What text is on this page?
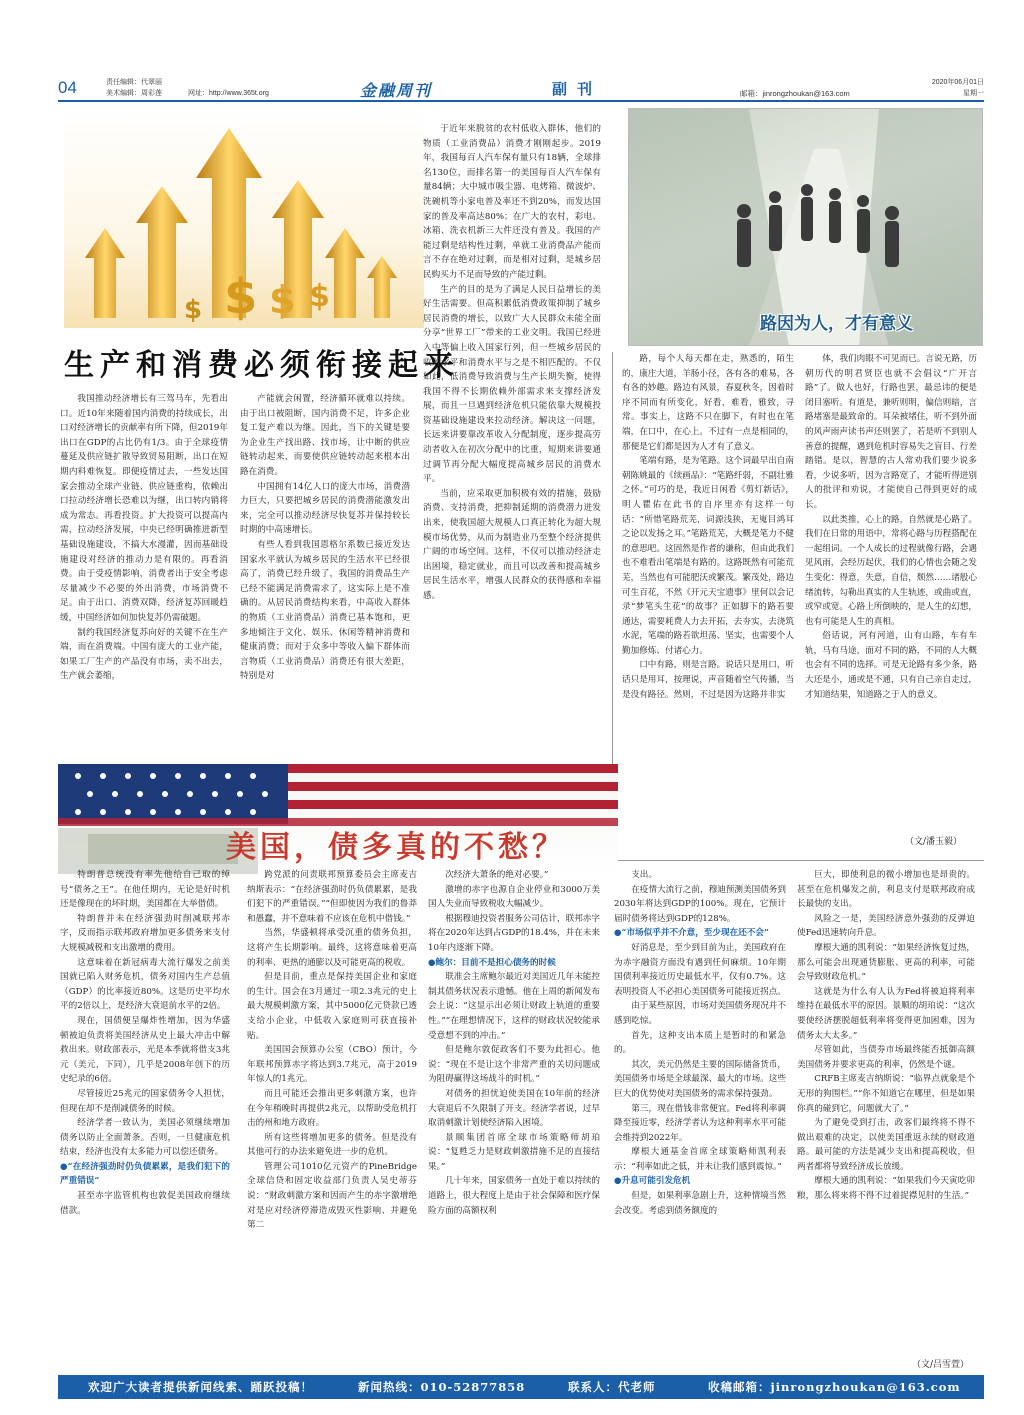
04	责任编辑：代翠丽
美术编辑：周彩莲	网址：http://www.365t.org	金融周刊	副刊	邮箱：jinrongzhoukan@163.com
2020年06月01日
星期一
$ $ $
$
生产和消费必须衔接起来

我国推动经济增长有三驾马车，先看出口。近10年来随着国内消费的持续成长，出口对经济增长的贡献率有所下降，但2019年出口在GDP的占比仍有1/3。由于全球疫情蔓延及供应链扩散导致贸易阻断，出口在短期内料难恢复。即便疫情过去，一些发达国家会推动全球产业链、供应链重构，依赖出口拉动经济增长恐难以为继，出口转内销将成为常态。再看投资。扩大投资可以提高内需，拉动经济发展，中央已经明确推进新型基础设施建设，不搞大水漫灌，因而基础设施建设对经济的推动力是有限的。再看消费。由于受疫情影响，消费者出于安全考虑尽量减少不必要的外出消费，市场消费不足。由于出口、消费双降，经济复苏回暖趋缓，中国经济如何加快复苏仍需破题。

制约我国经济复苏向好的关键不在生产端，而在消费端。中国有庞大的工业产能，如果工厂生产的产品没有市场，卖不出去，生产就会萎缩，

产能就会闲置，经济循环就难以持续。由于出口被阻断，国内消费不足，许多企业复工复产难以为继。因此，当下的关键是要为企业生产找出路、找市场，让中断的供应链转动起来，而要使供应链转动起来根本出路在消费。

中国拥有14亿人口的庞大市场，消费潜力巨大，只要把城乡居民的消费潜能激发出来，完全可以推动经济尽快复苏并保持较长时期的中高速增长。

有些人看到我国恩格尔系数已接近发达国家水平就认为城乡居民的生活水平已经很高了，消费已经升级了，我国的消费品生产已经不能满足消费需求了，这实际上是不准确的。从居民消费结构来看，中高收入群体的物质（工业消费品）消费已基本饱和，更多地倾注于文化、娱乐、休闲等精神消费和健康消费；而对于众多中等收入偏下群体而言物质（工业消费品）消费还有很大差距，特别是对

于近年来脱贫的农村低收入群体，他们的物质（工业消费品）消费才刚刚起步。2019年，我国每百人汽车保有量只有18辆，全球排名130位，而排名第一的美国每百人汽车保有量84辆；大中城市吸尘器、电烤箱、微波炉、洗碗机等小家电普及率还不到20%，而发达国家的普及率高达80%；在广大的农村，彩电、冰箱、洗衣机新三大件还没有普及。我国的产能过剩是结构性过剩，单就工业消费品产能而言不存在绝对过剩，而是相对过剩，是城乡居民购买力不足而导致的产能过剩。

生产的目的是为了满足人民日益增长的美好生活需要。但高积累低消费政策抑制了城乡居民消费的增长，以致广大人民群众未能全面分享“世界工厂”带来的工业文明。我国已经进入中等偏上收入国家行列，但一些城乡居民的收入水平和消费水平与之是不相匹配的。不仅如此，低消费导致消费与生产长期失衡，使得我国不得不长期依赖外部需求来支撑经济发展，而且一旦遇到经济危机只能依靠大规模投资基础设施建设来拉动经济。解决这一问题，长远来讲要靠改革收入分配制度，逐步提高劳动者收入在初次分配中的比重，短期来讲要通过调节再分配大幅度提高城乡居民的消费水平。

当前，应采取更加积极有效的措施，鼓励消费、支持消费，把抑制延期的消费潜力迸发出来，使我国超大规模人口真正转化为超大规模市场优势，从而为制造业乃至整个经济提供广阔的市场空间。这样，不仅可以推动经济走出困境，稳定就业，而且可以改善和提高城乡居民生活水平，增强人民群众的获得感和幸福感。

路因为人，才有意义

路，每个人每天都在走，熟悉的，陌生的，康庄大道，羊肠小径，各有各的难易，各有各的妙趣。路边有风景，春夏秋冬，因着时序不同而有所变化，好看，难看，雅致，寻常。事实上，这路不只在脚下，有时也在笔端，在口中，在心上。不过有一点是相同的，那便是它们都是因为人才有了意义。

笔端有路，是为笔路。这个词最早出自南朝陈姚最的《续画品》：“笔路纤弱，不副壮雅之怀。”可巧的是，我近日闲看《剪灯新话》，明人瞿佑在此书的自序里亦有这样一句话：“所惜笔路荒芜，词源浅狭，无嵬目鸿耳之论以发扬之耳。”笔路荒芜，大概是笔力不健的意思吧。这固然是作者的谦称，但由此我们也不难看出笔端是有路的。这路既然有可能荒芜，当然也有可能肥沃或繁茂。繁茂处，路边可生百花，不然《开元天宝遗事》里何以会记录“梦笔头生花”的故事？正如脚下的路若要通达，需要耗费人力去开拓，去夯实，去浇筑水泥，笔端的路若欲坦荡、坚实，也需要个人勤加修炼、付诸心力。

口中有路，则是言路。说话只是用口，听话只是用耳，按理说，声音随着空气传播，当是没有路径。然则，不过是因为这路并非实

体，我们肉眼不可见而已。言说无路，历朝历代的明君贤臣也就不会倡议“广开言路”了。做人也好，行路也罢，最忌讳的便是闭目塞听。有道是，兼听则明，偏信则暗，言路堵塞是最致命的。耳朵被堵住，听不到外面的风声雨声读书声还则罢了，若是听不到别人善意的提醒，遇到危机时容易失之盲目、行差踏错。是以，智慧的古人常劝我们要少说多看，少说多听，因为言路宽了，才能听得进别人的批评和劝说，才能使自己得到更好的成长。

以此类推，心上的路，自然就是心路了。我们在日常的用语中，常将心路与历程搭配在一起组词。一个人成长的过程就像行路，会遇见风雨，会经历起伏，我们的心情也会随之发生变化：得意，失意，自信，颓然……诸般心绪流转，勾勒出真实的人生轨迹，或曲或直，或窄或宽。心路上所倒映的，是人生的幻想，也有可能是人生的真相。

俗话说，河有河道，山有山路，车有车轨，马有马途，面对不同的路，不同的人大概也会有不同的选择。可是无论路有多少条，路大还是小，通或是不通，只有自己亲自走过，才知道结果，知道路之于人的意义。

（文/潘玉毅）
美国，债多真的不愁？

特朗普总统没有率先他给自己取的绰号“债务之王”。在他任期内，无论是好时机还是像现在的坏时期，美国都在大举借债。

特朗普并未在经济强劲时削减联邦赤字，反而指示联邦政府增加更多债务来支付大规模减税和支出激增的费用。

这意味着在新冠病毒大流行爆发之前美国就已陷入财务危机，债务对国内生产总值（GDP）的比率接近80%。这是历史平均水平的2倍以上，是经济大衰退前水平的2倍。

现在，国债便呈爆炸性增加，因为华盛顿被迫负责将美国经济从史上最大冲击中解救出来。财政部表示，光是本季就将借支3兆元（美元，下同），几乎是2008年创下的历史纪录的6倍。

尽管接近25兆元的国家债务令人担忧，但现在却不是削减债务的时候。

经济学者一致认为，美国必须继续增加债务以防止全面萧条。否则，一旦健康危机结束，经济也没有太多能力可以偿还债务。

●“在经济强劲时仍负债累累，是我们犯下的严重错误”

甚至赤字监管机构也敦促美国政府继续借款。

跨党派的问责联邦预算委员会主席麦吉纳斯表示：“在经济强劲时仍负债累累，是我们犯下的严重错误。”“但即使因为我们的鲁莽和愚蠢，并不意味着不应该在危机中借钱。”

当然，华盛顿将承受沉重的债务负担，这将产生长期影响。最终，这将意味着更高的利率、更热的通膨以及可能更高的税收。

但是目前，重点是保持美国企业和家庭的生计。国会在3月通过一项2.3兆元的史上最大规模刺激方案，其中5000亿元贷款已透支给小企业，中低收入家庭则可获直接补贴。

美国国会预算办公室（CBO）预计，今年联邦预算赤字将达到3.7兆元，高于2019年惊人的1兆元。

而且可能还会推出更多刺激方案，也许在今年稍晚时再提供2兆元，以帮助受危机打击的州和地方政府。

所有这些将增加更多的债务。但是没有其他可行的办法来避免进一步的危机。

管理公司1010亿元资产的PineBridge全球信贷和固定收益部门负责人吴史蒂芬说：“财政刺激方案和因而产生的赤字激增绝对是应对经济停滞造成毁灭性影响、并避免第二

次经济大萧条的绝对必要。”

激增的赤字也源自企业停业和3000万美国人失业而导致税收大幅减少。

根据穆迪投资者服务公司估计，联邦赤字将在2020年达到占GDP的18.4%，并在未来10年内逐渐下降。

●鲍尔：目前不是担心债务的时候

联准会主席鲍尔最近对美国近几年未能控制其债务状况表示遗憾。他在上周的新闻发布会上说：“这显示出必须让财政上轨道的重要性。”“在理想情况下，这样的财政状况较能承受意想不到的冲击。”

但是鲍尔敦促政客们不要为此担心。他说：“现在不是让这个非常严重的关切问题成为阻碍赢得这场战斗的时机。”

对债务的担忧迫使美国在10年前的经济大衰退后不久限制了开支。经济学者说，过早取消刺激计划使经济陷入困境。

景顺集团首席全球市场策略师胡珀说：“复甦乏力是财政刺激措施不足的直接结果。”

几十年来，国家债务一直处于难以持续的道路上，很大程度上是由于社会保障和医疗保险方面的高额权利

支出。

在疫情大流行之前，穆迪预测美国债务到2030年将达到GDP的100%。现在，它预计届时债务将达到GDP的128%。

●“市场似乎并不介意，至少现在还不会”

好消息是，至少到目前为止，美国政府在为赤字融资方面没有遇到任何麻烦。10年期国债利率接近历史最低水平，仅有0.7%。这表明投资人不必担心美国债务可能接近拐点。

由于某些原因，市场对美国债务现况并不感到吃惊。

首先，这种支出本质上是暂时的和紧急的。

其次，美元仍然是主要的国际储备货币，美国债务市场是全球最深、最大的市场。这些巨大的优势使对美国债务的需求保持强劲。

第三，现在借钱非常便宜。Fed将利率调降至接近零，经济学者认为这种利率水平可能会维持到2022年。

摩根大通基金首席全球策略师凯利表示：“利率如此之低，并未让我们感到震惊。”

●升息可能引发危机

但是，如果利率急剧上升，这种情境当然会改变。考虑到债务额度的

巨大，即使利息的微小增加也是昂贵的。甚至在危机爆发之前，利息支付是联邦政府成长最快的支出。

风险之一是，美国经济意外强劲的反弹迫使Fed迅速转向升息。

摩根大通的凯利说：“如果经济恢复过热，那么可能会出现通货膨胀、更高的利率，可能会导致财政危机。”

这就是为什么有人认为Fed将被迫将利率维持在最低水平的原因。景顺的胡珀说：“这次要使经济摆脱超低利率将变得更加困难，因为债务太大太多。”

尽管如此，当债券市场最终能否抵御高额美国债务并要求更高的利率，仍然是个谜。

CRFB主席麦吉纳斯说：“临界点就象是个无形的狗围栏。”“你不知道它在哪里，但是如果你真的碰到它，问题就大了。”

为了避免受到打击，政客们最终将不得不做出艰难的决定，以使美国重返永续的财政道路。最可能的方法是减少支出和提高税收，但两者都将导致经济成长放缓。

摩根大通的凯利说：“如果我们今天寅吃卯粮，那么将来将不得不过着捉襟见肘的生活。”

（文/吕雪萱）
欢迎广大读者提供新闻线索、踊跃投稿！	新闻热线：010-52877858	联系人：代老师	收稿邮箱：jinrongzhoukan@163.com
